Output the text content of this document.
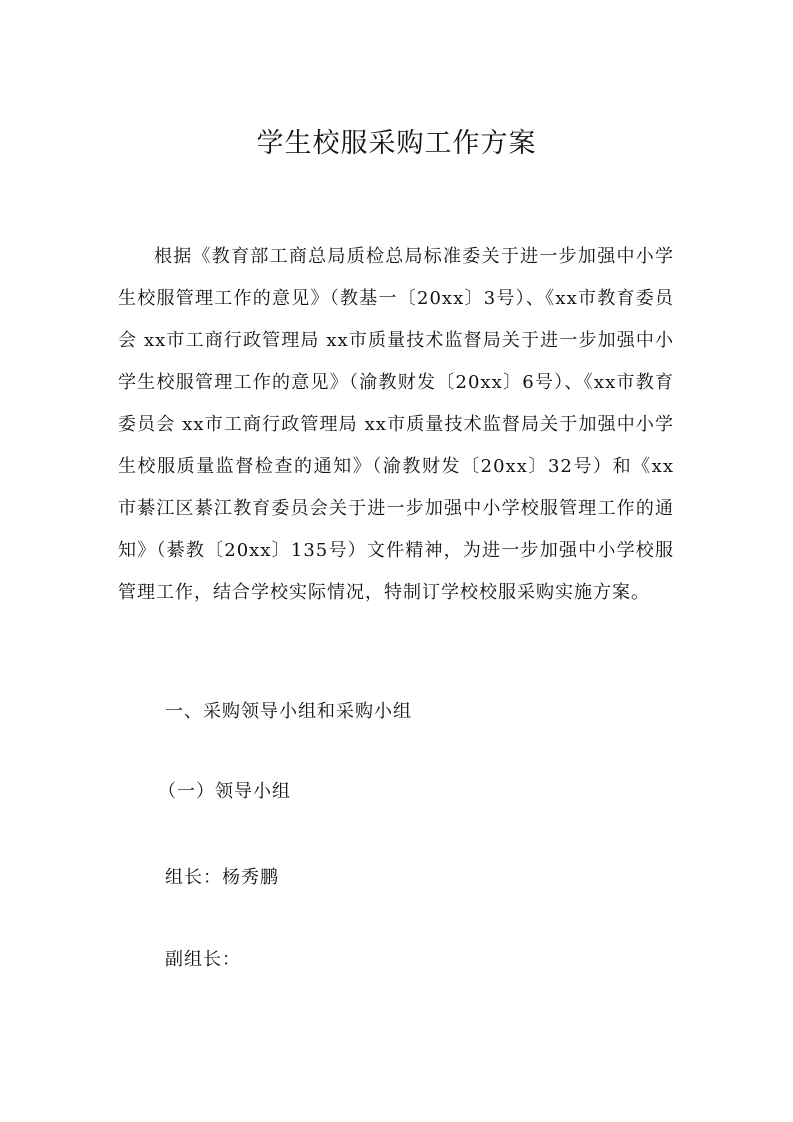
学生校服采购工作方案

根据《教育部工商总局质检总局标准委关于进一步加强中小学生校服管理工作的意见》（教基一〔20xx〕3号）、《xx市教育委员会 xx市工商行政管理局 xx市质量技术监督局关于进一步加强中小学生校服管理工作的意见》（渝教财发〔20xx〕6号）、《xx市教育委员会 xx市工商行政管理局 xx市质量技术监督局关于加强中小学生校服质量监督检查的通知》（渝教财发〔20xx〕32号）和《xx市綦江区綦江教育委员会关于进一步加强中小学校服管理工作的通知》（綦教〔20xx〕135号）文件精神，为进一步加强中小学校服管理工作，结合学校实际情况，特制订学校校服采购实施方案。

一、采购领导小组和采购小组

（一）领导小组

组长：杨秀鹏

副组长：
